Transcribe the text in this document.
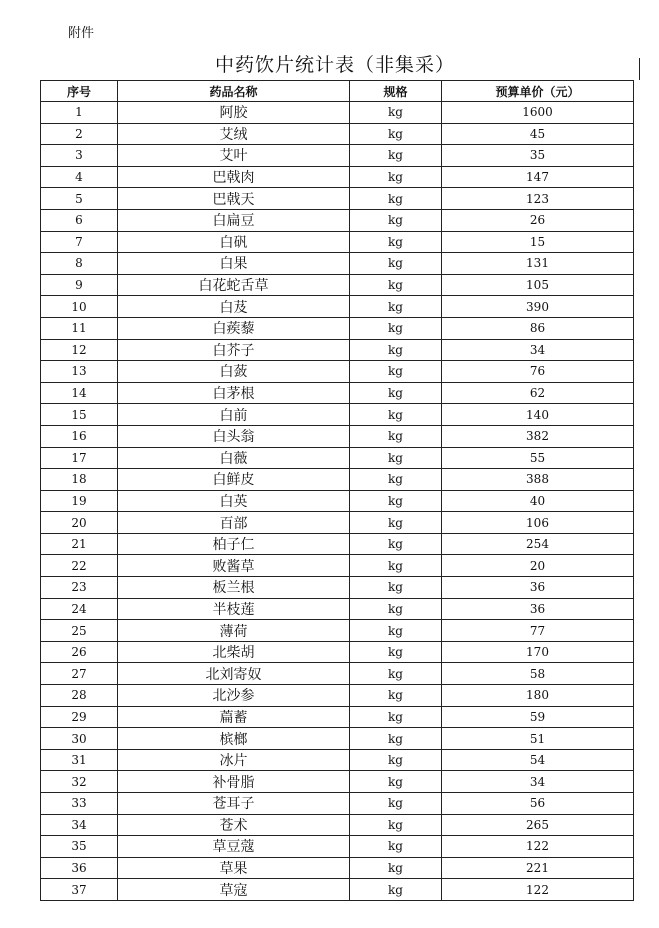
附件
中药饮片统计表（非集采）
序号	药品名称	规格	预算单价（元）
1	阿胶	kg	1600
2	艾绒	kg	45
3	艾叶	kg	35
4	巴戟肉	kg	147
5	巴戟天	kg	123
6	白扁豆	kg	26
7	白矾	kg	15
8	白果	kg	131
9	白花蛇舌草	kg	105
10	白芨	kg	390
11	白蒺藜	kg	86
12	白芥子	kg	34
13	白蔹	kg	76
14	白茅根	kg	62
15	白前	kg	140
16	白头翁	kg	382
17	白薇	kg	55
18	白鲜皮	kg	388
19	白英	kg	40
20	百部	kg	106
21	柏子仁	kg	254
22	败酱草	kg	20
23	板兰根	kg	36
24	半枝莲	kg	36
25	薄荷	kg	77
26	北柴胡	kg	170
27	北刘寄奴	kg	58
28	北沙参	kg	180
29	萹蓄	kg	59
30	槟榔	kg	51
31	冰片	kg	54
32	补骨脂	kg	34
33	苍耳子	kg	56
34	苍术	kg	265
35	草豆蔻	kg	122
36	草果	kg	221
37	草寇	kg	122
